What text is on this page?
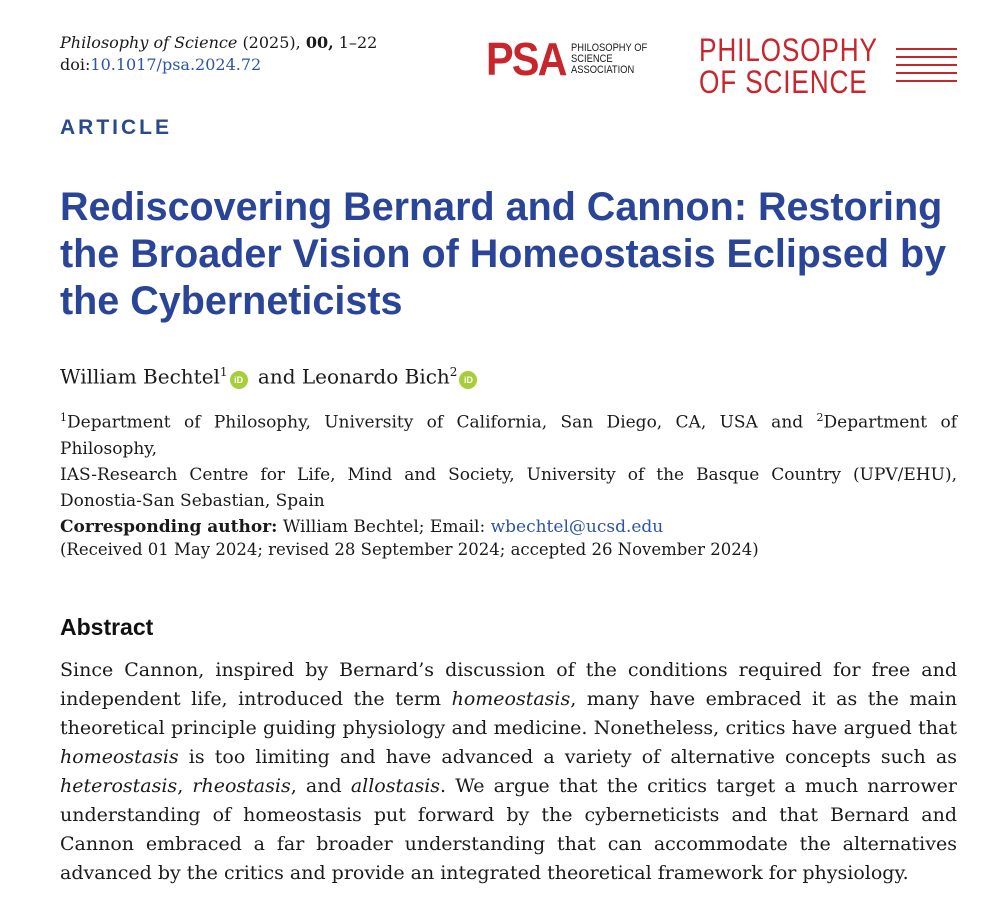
Philosophy of Science (2025), 00, 1–22
doi:10.1017/psa.2024.72	PSA PHILOSOPHY OF
SCIENCE
ASSOCIATION
PHILOSOPHY
OF SCIENCE
ARTICLE
Rediscovering Bernard and Cannon: Restoring the Broader Vision of Homeostasis Eclipsed by the Cyberneticists
William Bechtel$^1$iD and Leonardo Bich$^2$iD
$^1$Department of Philosophy, University of California, San Diego, CA, USA and $^2$Department of Philosophy,
IAS-Research Centre for Life, Mind and Society, University of the Basque Country (UPV/EHU),
Donostia-San Sebastian, Spain
Corresponding author: William Bechtel; Email: wbechtel@ucsd.edu
(Received 01 May 2024; revised 28 September 2024; accepted 26 November 2024)
Abstract
Since Cannon, inspired by Bernard’s discussion of the conditions required for free and
independent life, introduced the term homeostasis, many have embraced it as the main
theoretical principle guiding physiology and medicine. Nonetheless, critics have argued that
homeostasis is too limiting and have advanced a variety of alternative concepts such as
heterostasis, rheostasis, and allostasis. We argue that the critics target a much narrower
understanding of homeostasis put forward by the cyberneticists and that Bernard and
Cannon embraced a far broader understanding that can accommodate the alternatives
advanced by the critics and provide an integrated theoretical framework for physiology.
